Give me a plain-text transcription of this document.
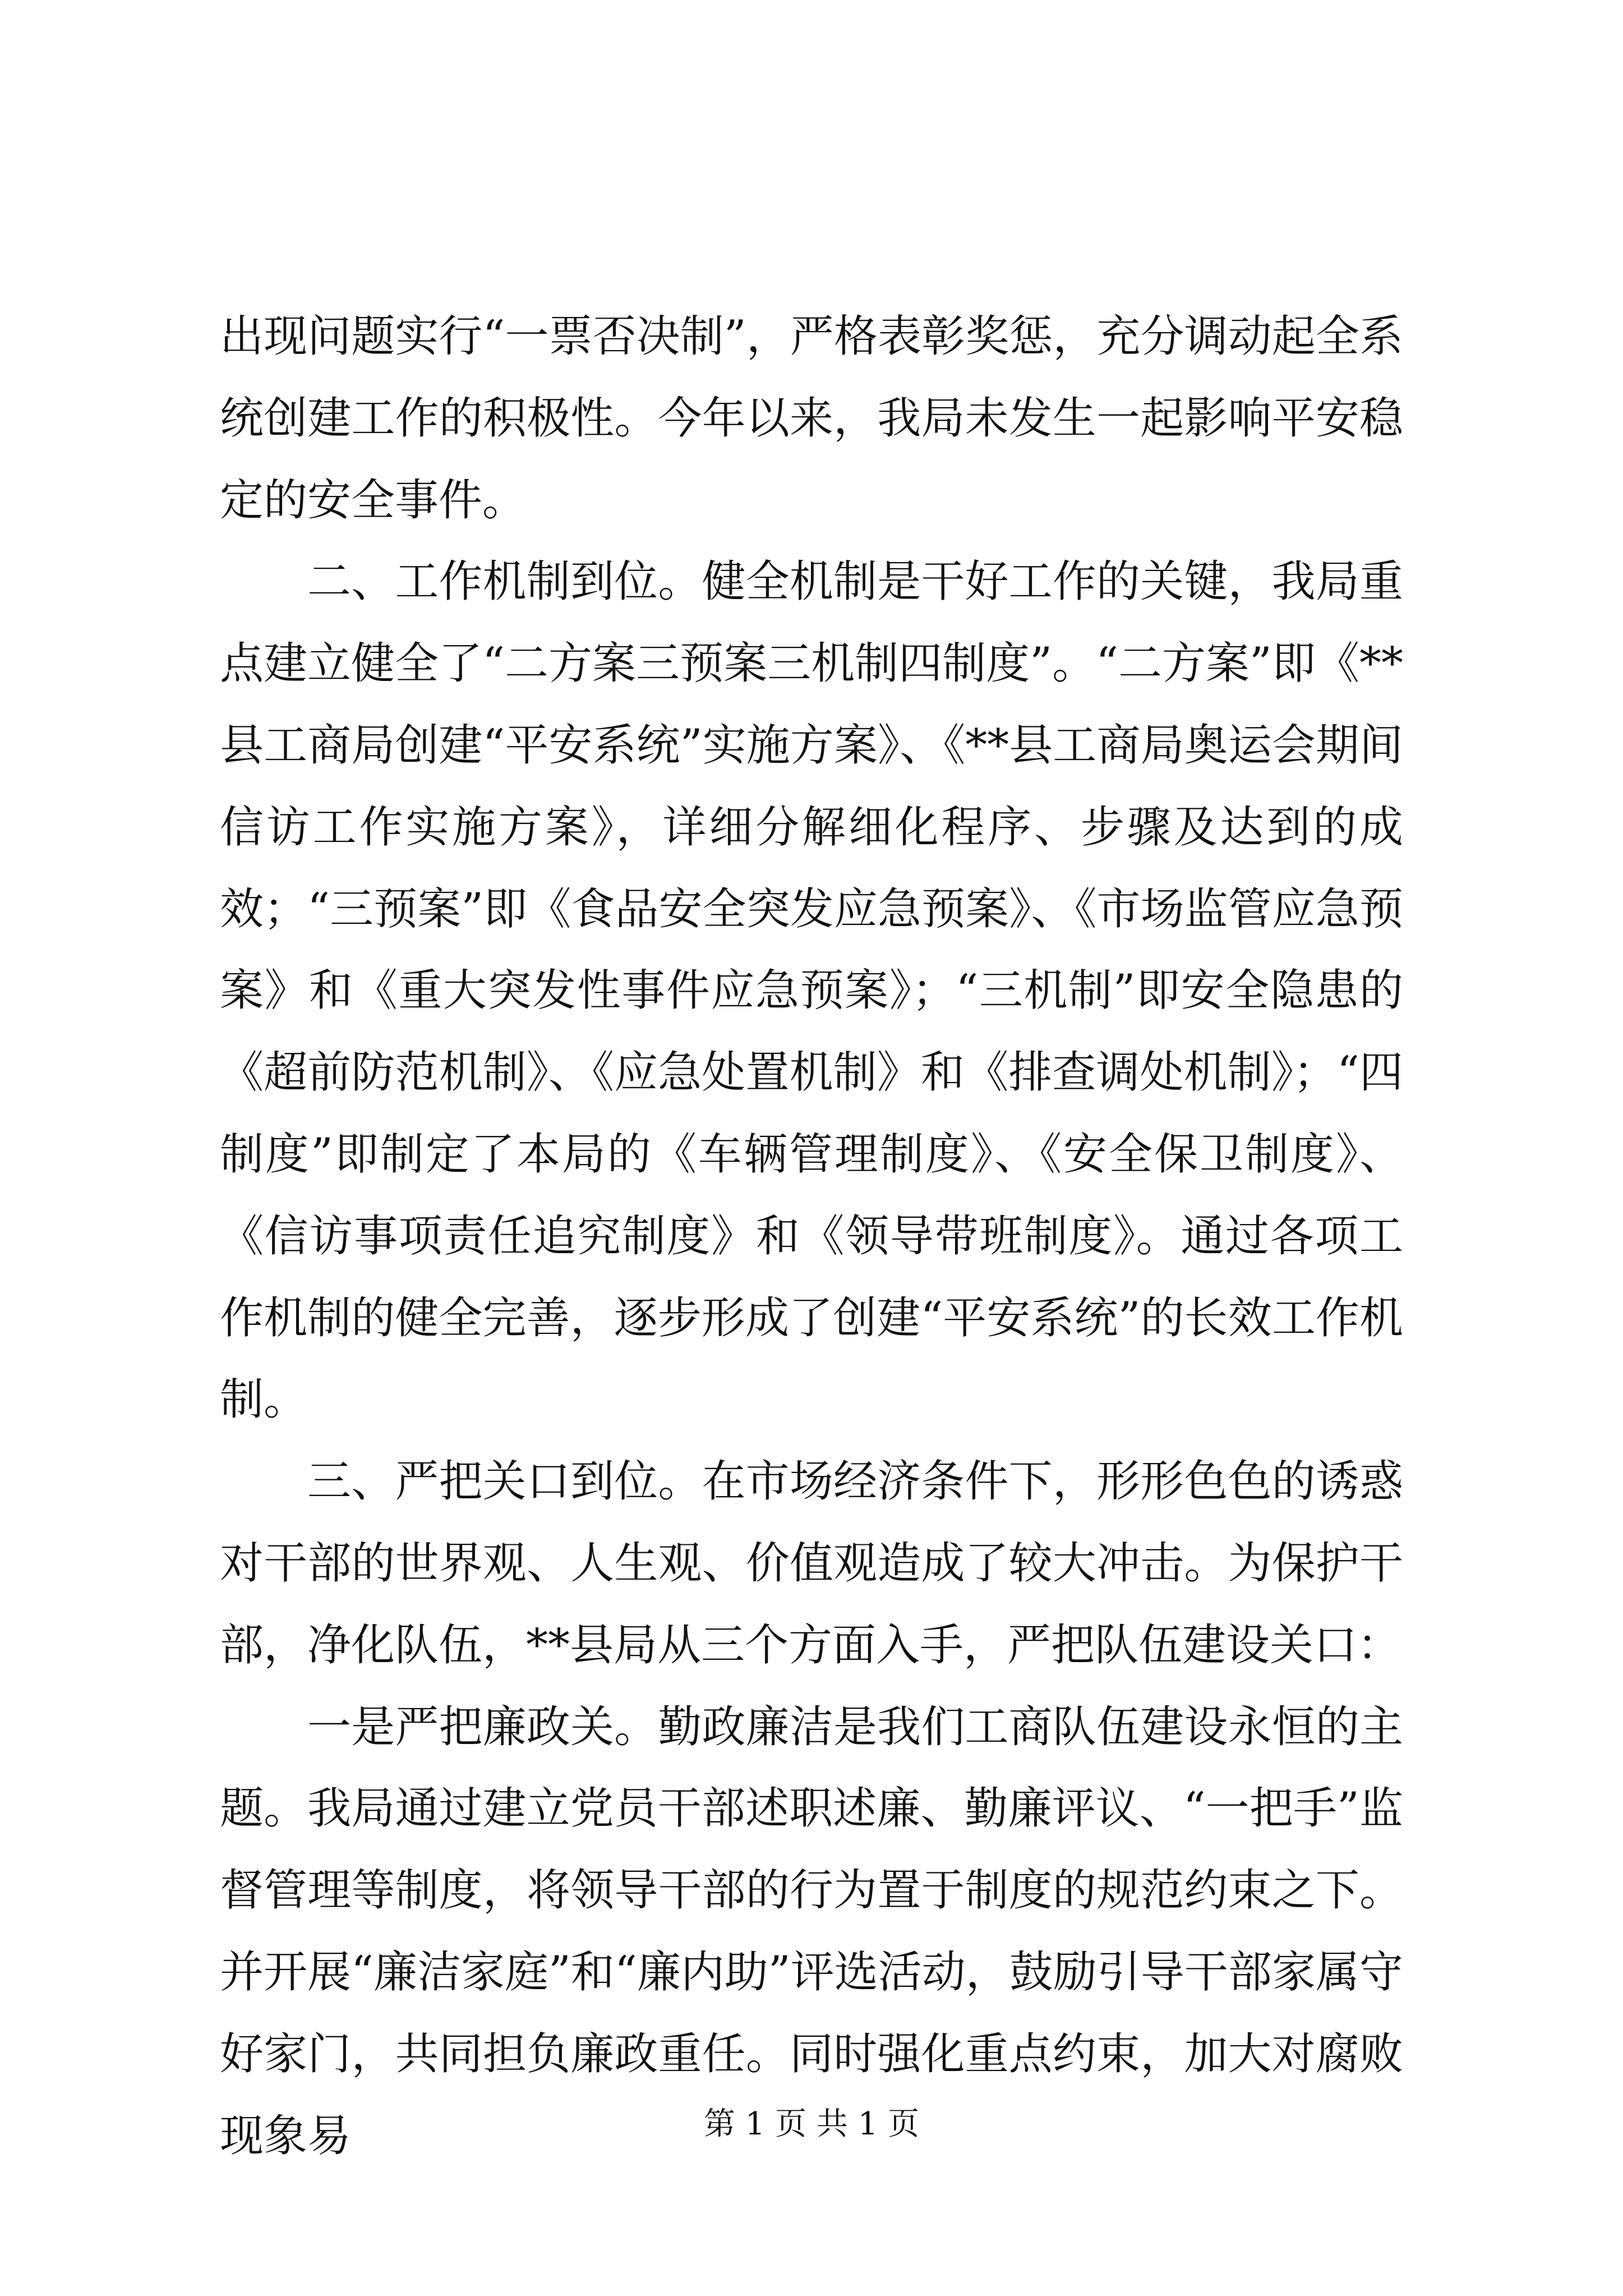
出现问题实行“一票否决制”，严格表彰奖惩，充分调动起全系统创建工作的积极性。今年以来，我局未发生一起影响平安稳定的安全事件。

二、工作机制到位。健全机制是干好工作的关键，我局重点建立健全了“二方案三预案三机制四制度”。“二方案”即《**县工商局创建“平安系统”实施方案》、《**县工商局奥运会期间信访工作实施方案》，详细分解细化程序、步骤及达到的成效；“三预案”即《食品安全突发应急预案》、《市场监管应急预案》和《重大突发性事件应急预案》；“三机制”即安全隐患的《超前防范机制》、《应急处置机制》和《排查调处机制》；“四制度”即制定了本局的《车辆管理制度》、《安全保卫制度》、《信访事项责任追究制度》和《领导带班制度》。通过各项工作机制的健全完善，逐步形成了创建“平安系统”的长效工作机制。

三、严把关口到位。在市场经济条件下，形形色色的诱惑对干部的世界观、人生观、价值观造成了较大冲击。为保护干部，净化队伍，**县局从三个方面入手，严把队伍建设关口：

一是严把廉政关。勤政廉洁是我们工商队伍建设永恒的主题。我局通过建立党员干部述职述廉、勤廉评议、“一把手”监督管理等制度，将领导干部的行为置于制度的规范约束之下。并开展“廉洁家庭”和“廉内助”评选活动，鼓励引导干部家属守好家门，共同担负廉政重任。同时强化重点约束，加大对腐败现象易	第 1 页 共 1 页
